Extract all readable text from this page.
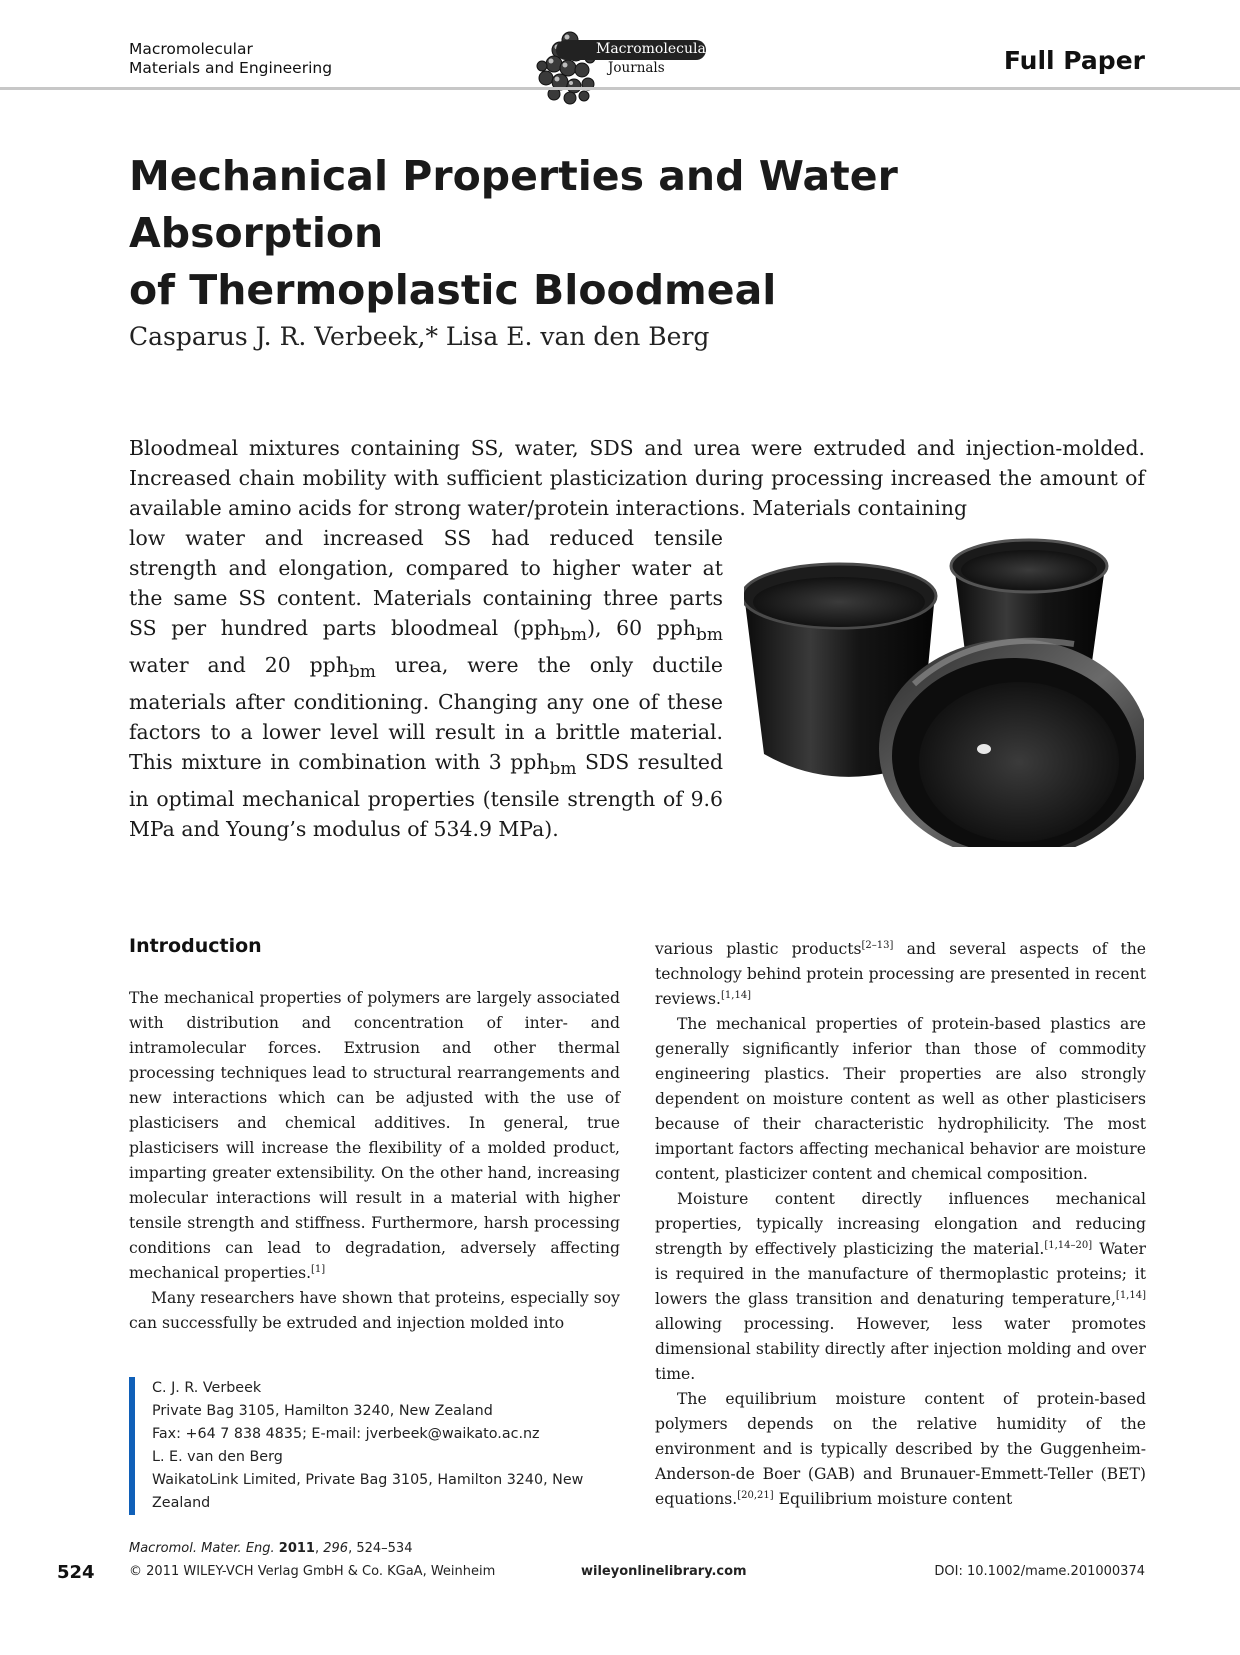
Macromolecular
Materials and Engineering
Macromolecular
Journals	Full Paper
Mechanical Properties and Water Absorption
of Thermoplastic Bloodmeal
Casparus J. R. Verbeek,* Lisa E. van den Berg

Bloodmeal mixtures containing SS, water, SDS and urea were extruded and injection-molded. Increased chain mobility with sufficient plasticization during processing increased the amount of available amino acids for strong water/protein interactions. Materials containing

low water and increased SS had reduced tensile strength and elongation, compared to higher water at the same SS content. Materials containing three parts SS per hundred parts bloodmeal (pph$_{bm}$), 60 pph$_{bm}$ water and 20 pph$_{bm}$ urea, were the only ductile materials after conditioning. Changing any one of these factors to a lower level will result in a brittle material. This mixture in combination with 3 pph$_{bm}$ SDS resulted in optimal mechanical properties (tensile strength of 9.6 MPa and Young’s modulus of 534.9 MPa).

Introduction

The mechanical properties of polymers are largely associated with distribution and concentration of inter- and intramolecular forces. Extrusion and other thermal processing techniques lead to structural rearrangements and new interactions which can be adjusted with the use of plasticisers and chemical additives. In general, true plasticisers will increase the flexibility of a molded product, imparting greater extensibility. On the other hand, increasing molecular interactions will result in a material with higher tensile strength and stiffness. Furthermore, harsh processing conditions can lead to degradation, adversely affecting mechanical properties.[1]

Many researchers have shown that proteins, especially soy can successfully be extruded and injection molded into

various plastic products[2–13] and several aspects of the technology behind protein processing are presented in recent reviews.[1,14]

The mechanical properties of protein-based plastics are generally significantly inferior than those of commodity engineering plastics. Their properties are also strongly dependent on moisture content as well as other plasticisers because of their characteristic hydrophilicity. The most important factors affecting mechanical behavior are moisture content, plasticizer content and chemical composition.

Moisture content directly influences mechanical properties, typically increasing elongation and reducing strength by effectively plasticizing the material.[1,14–20] Water is required in the manufacture of thermoplastic proteins; it lowers the glass transition and denaturing temperature,[1,14] allowing processing. However, less water promotes dimensional stability directly after injection molding and over time.

The equilibrium moisture content of protein-based polymers depends on the relative humidity of the environment and is typically described by the Guggenheim-Anderson-de Boer (GAB) and Brunauer-Emmett-Teller (BET) equations.[20,21] Equilibrium moisture content

C. J. R. Verbeek
Private Bag 3105, Hamilton 3240, New Zealand
Fax: +64 7 838 4835; E-mail: jverbeek@waikato.ac.nz
L. E. van den Berg
WaikatoLink Limited, Private Bag 3105, Hamilton 3240, New
Zealand
524
Macromol. Mater. Eng. 2011, 296, 524–534
© 2011 WILEY-VCH Verlag GmbH & Co. KGaA, Weinheim	wileyonlinelibrary.com	DOI: 10.1002/mame.201000374
